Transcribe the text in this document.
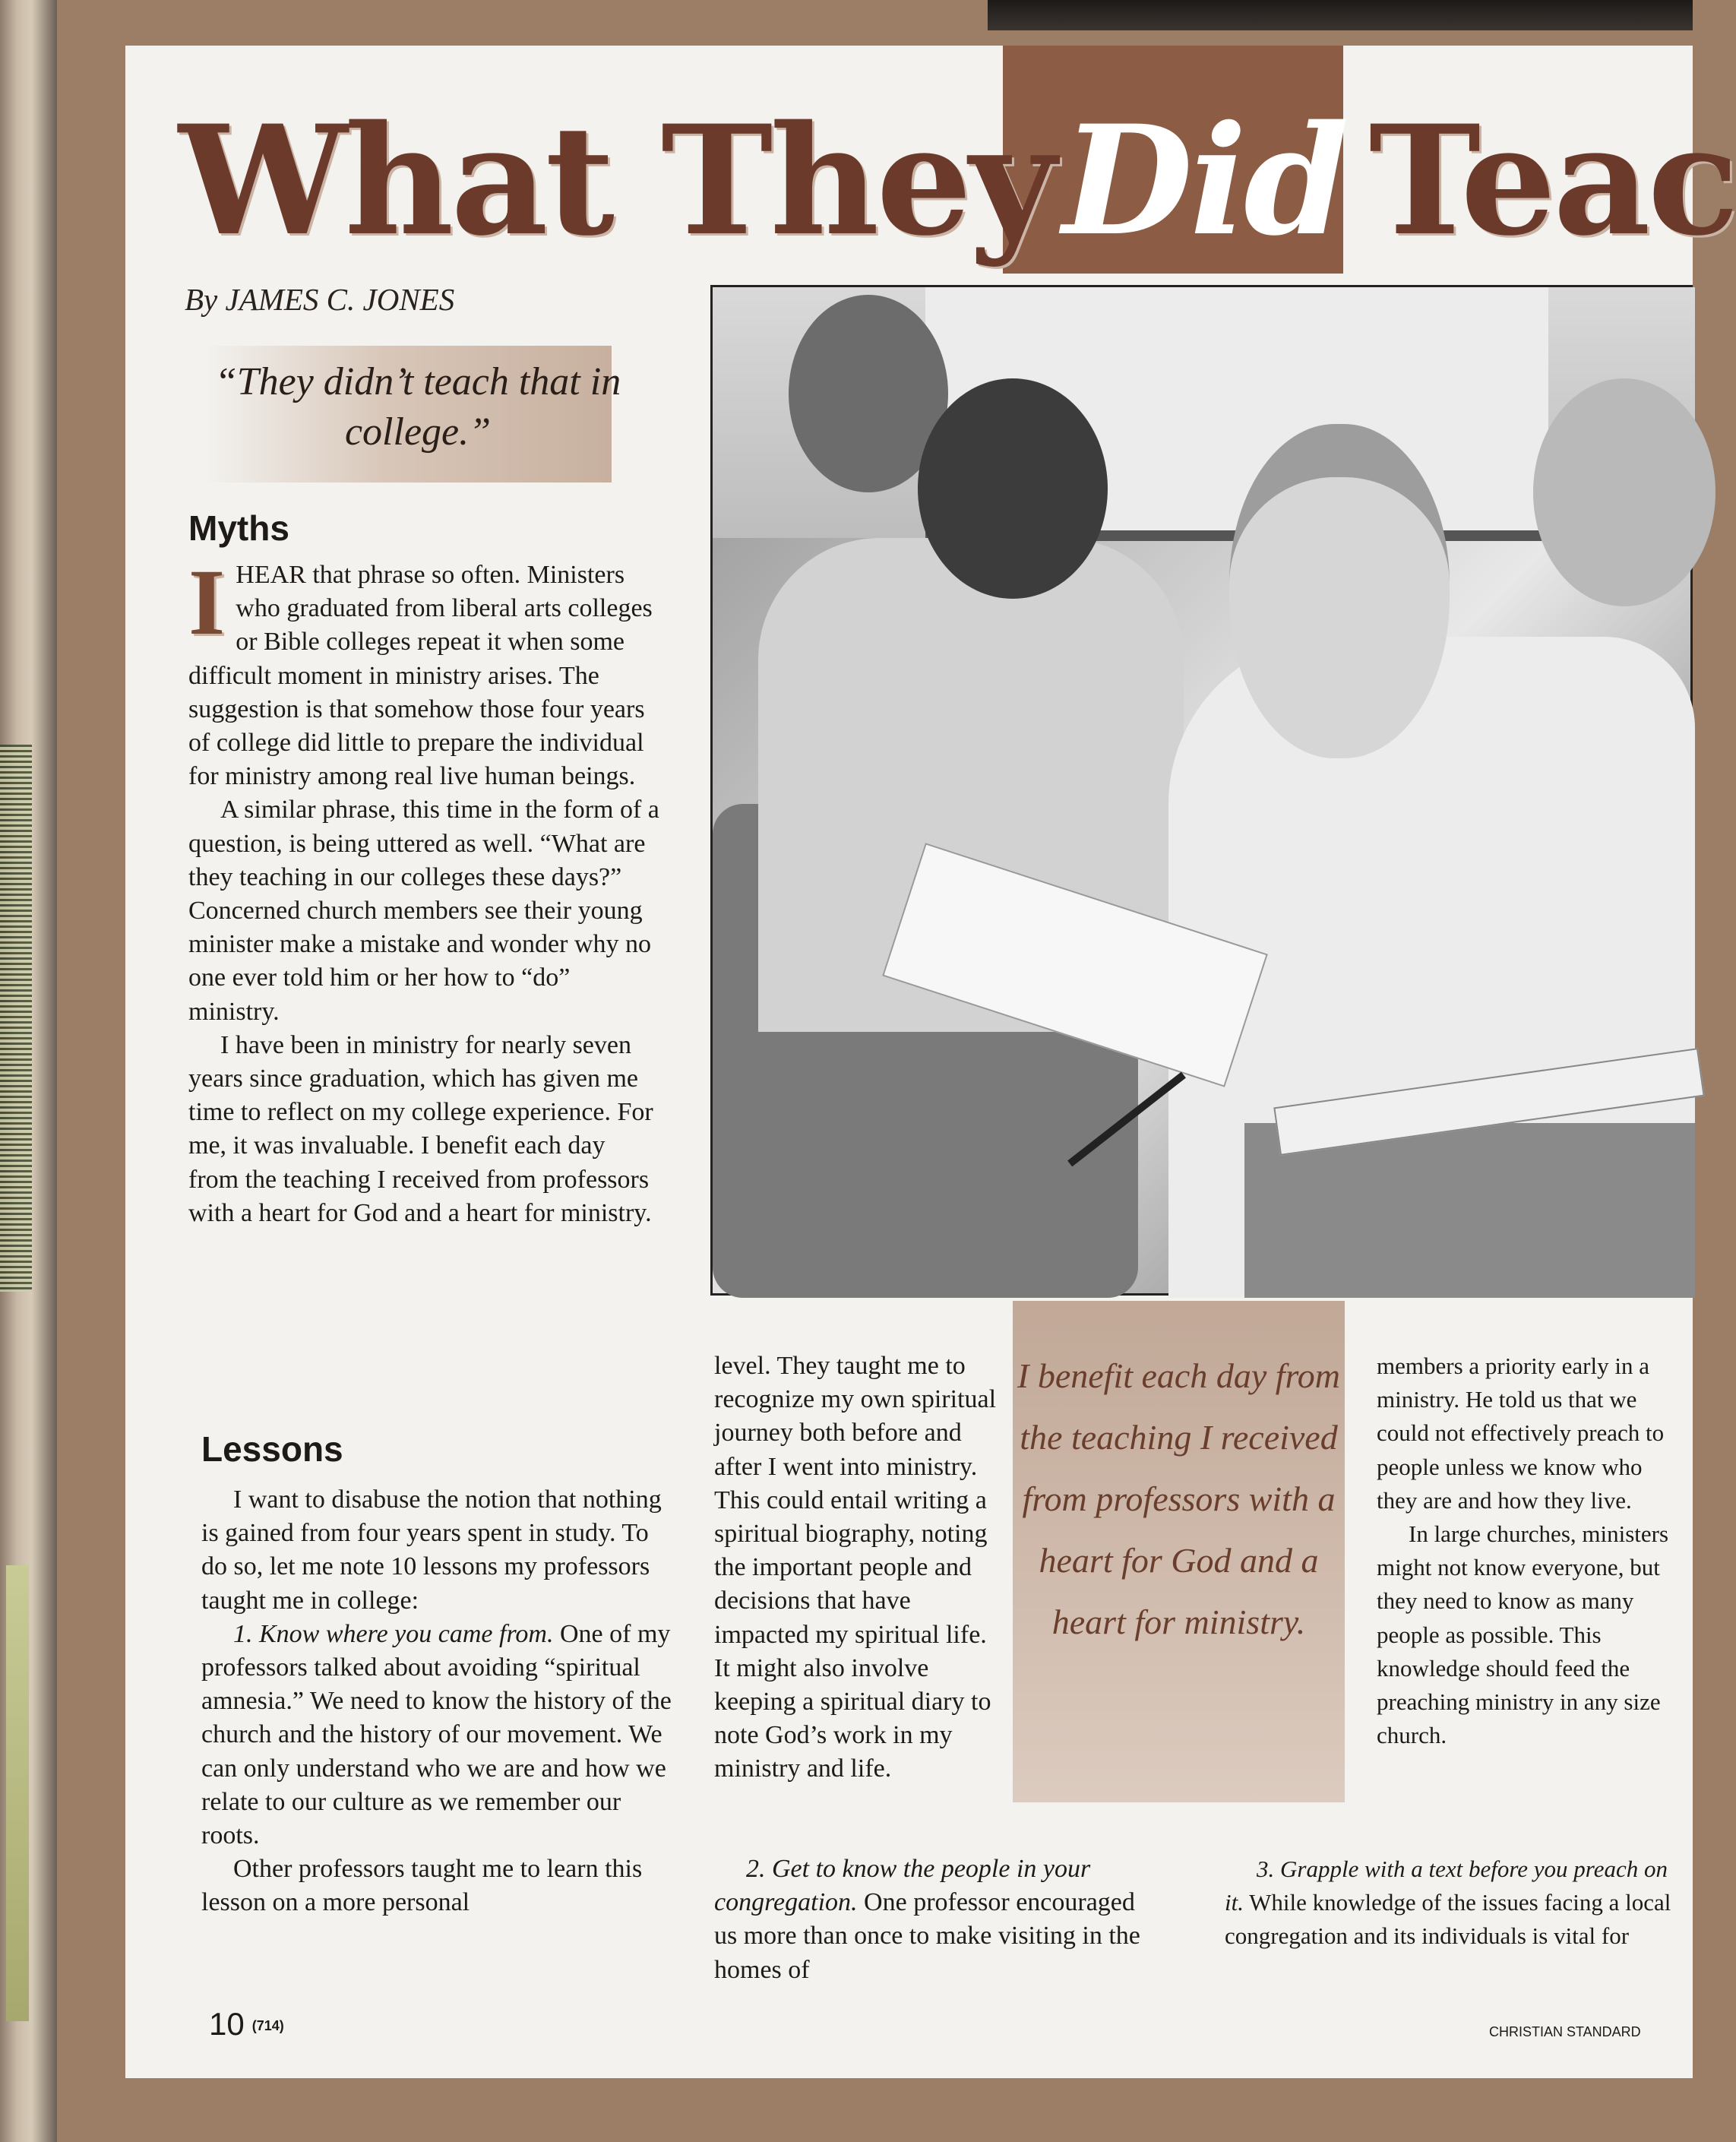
What TheyDid Teac
By JAMES C. JONES
“They didn’t teach that in college.”
Myths

IHEAR that phrase so often. Ministers who graduated from liberal arts colleges or Bible colleges repeat it when some difficult moment in ministry arises. The suggestion is that somehow those four years of college did little to prepare the individual for ministry among real live human beings.

A similar phrase, this time in the form of a question, is being uttered as well. “What are they teaching in our colleges these days?” Concerned church members see their young minister make a mistake and wonder why no one ever told him or her how to “do” ministry.

I have been in ministry for nearly seven years since graduation, which has given me time to reflect on my college experience. For me, it was invaluable. I benefit each day from the teaching I received from professors with a heart for God and a heart for ministry.

Lessons

I want to disabuse the notion that nothing is gained from four years spent in study. To do so, let me note 10 lessons my professors taught me in college:

1. Know where you came from. One of my professors talked about avoiding “spiritual amnesia.” We need to know the history of the church and the history of our movement. We can only understand who we are and how we relate to our culture as we remember our roots.

Other professors taught me to learn this lesson on a more personal

level. They taught me to recognize my own spiritual journey both before and after I went into ministry. This could entail writing a spiritual biography, noting the important people and decisions that have impacted my spiritual life. It might also involve keeping a spiritual diary to note God’s work in my ministry and life.

2. Get to know the people in your congregation. One professor encouraged us more than once to make visiting in the homes of

I benefit each day from the teaching I received from professors with a heart for God and a heart for ministry.

members a priority early in a ministry. He told us that we could not effectively preach to people unless we know who they are and how they live.

In large churches, ministers might not know everyone, but they need to know as many people as possible. This knowledge should feed the preaching ministry in any size church.

3. Grapple with a text before you preach on it. While knowledge of the issues facing a local congregation and its individuals is vital for

10 (714)	CHRISTIAN STANDARD
